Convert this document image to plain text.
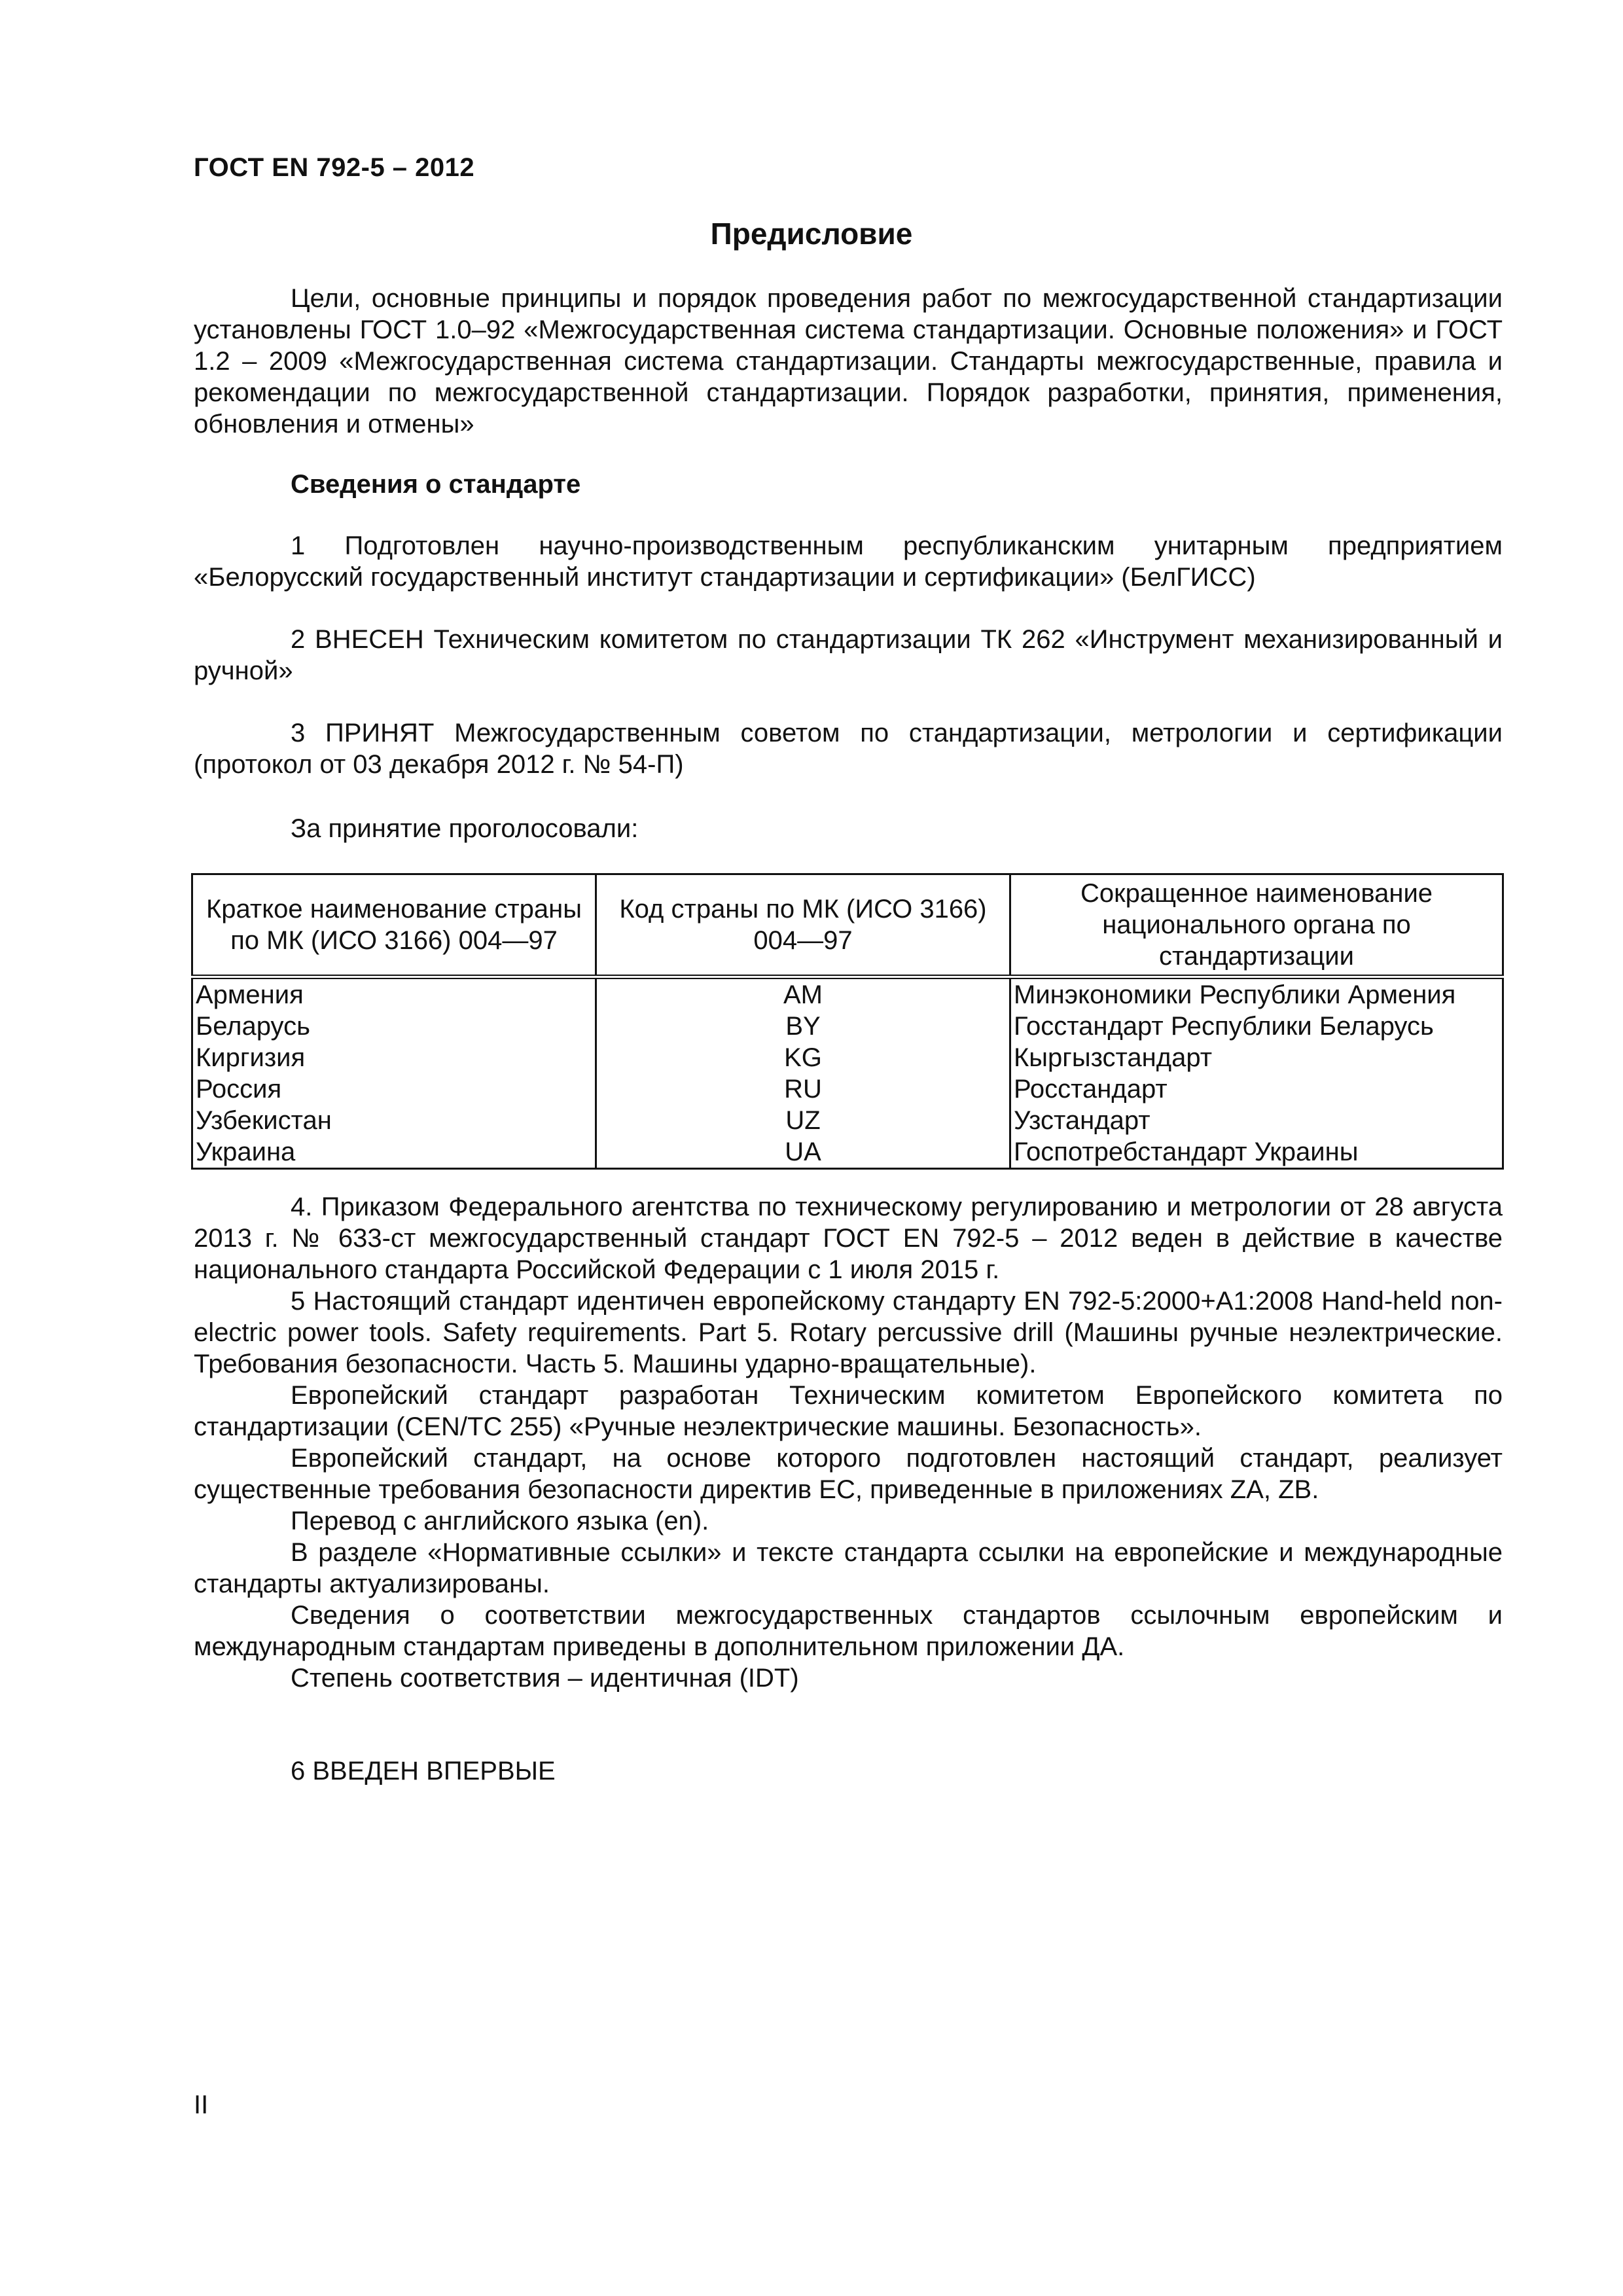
ГОСТ EN 792-5 – 2012
Предисловие
Цели, основные принципы и порядок проведения работ по межгосударственной стандартизации установлены ГОСТ 1.0–92 «Межгосударственная система стандартизации. Основные положения» и ГОСТ 1.2 – 2009 «Межгосударственная система стандартизации. Стандарты межгосударственные, правила и рекомендации по межгосударственной стандартизации. Порядок разработки, принятия, применения, обновления и отмены»
Сведения о стандарте
1 Подготовлен научно-производственным республиканским унитарным предприятием «Белорусский государственный институт стандартизации и сертификации» (БелГИСС)
2 ВНЕСЕН Техническим комитетом по стандартизации ТК 262 «Инструмент механизированный и ручной»
3 ПРИНЯТ Межгосударственным советом по стандартизации, метрологии и сертификации (протокол от 03 декабря 2012 г. № 54-П)
За принятие проголосовали:
Краткое наименование страны по МК (ИСО 3166) 004—97	Код страны по МК (ИСО 3166) 004—97	Сокращенное наименование национального органа по стандартизации
Армения	AM	Минэкономики Республики Армения
Беларусь	BY	Госстандарт Республики Беларусь
Киргизия	KG	Кыргызстандарт
Россия	RU	Росстандарт
Узбекистан	UZ	Узстандарт
Украина	UA	Госпотребстандарт Украины
4. Приказом Федерального агентства по техническому регулированию и метрологии от 28 августа 2013 г. № 633-ст межгосударственный стандарт ГОСТ EN 792-5 – 2012 веден в действие в качестве национального стандарта Российской Федерации с 1 июля 2015 г.

5 Настоящий стандарт идентичен европейскому стандарту EN 792-5:2000+A1:2008 Hand-held non-electric power tools. Safety requirements. Part 5. Rotary percussive drill (Машины ручные неэлектрические. Требования безопасности. Часть 5. Машины ударно-вращательные).

Европейский стандарт разработан Техническим комитетом Европейского комитета по стандартизации (CEN/TC 255) «Ручные неэлектрические машины. Безопасность».

Европейский стандарт, на основе которого подготовлен настоящий стандарт, реализует существенные требования безопасности директив ЕС, приведенные в приложениях ZA, ZB.

Перевод с английского языка (en).

В разделе «Нормативные ссылки» и тексте стандарта ссылки на европейские и международные стандарты актуализированы.

Сведения о соответствии межгосударственных стандартов ссылочным европейским и международным стандартам приведены в дополнительном приложении ДА.

Степень соответствия – идентичная (IDT)

6 ВВЕДЕН ВПЕРВЫЕ
II
